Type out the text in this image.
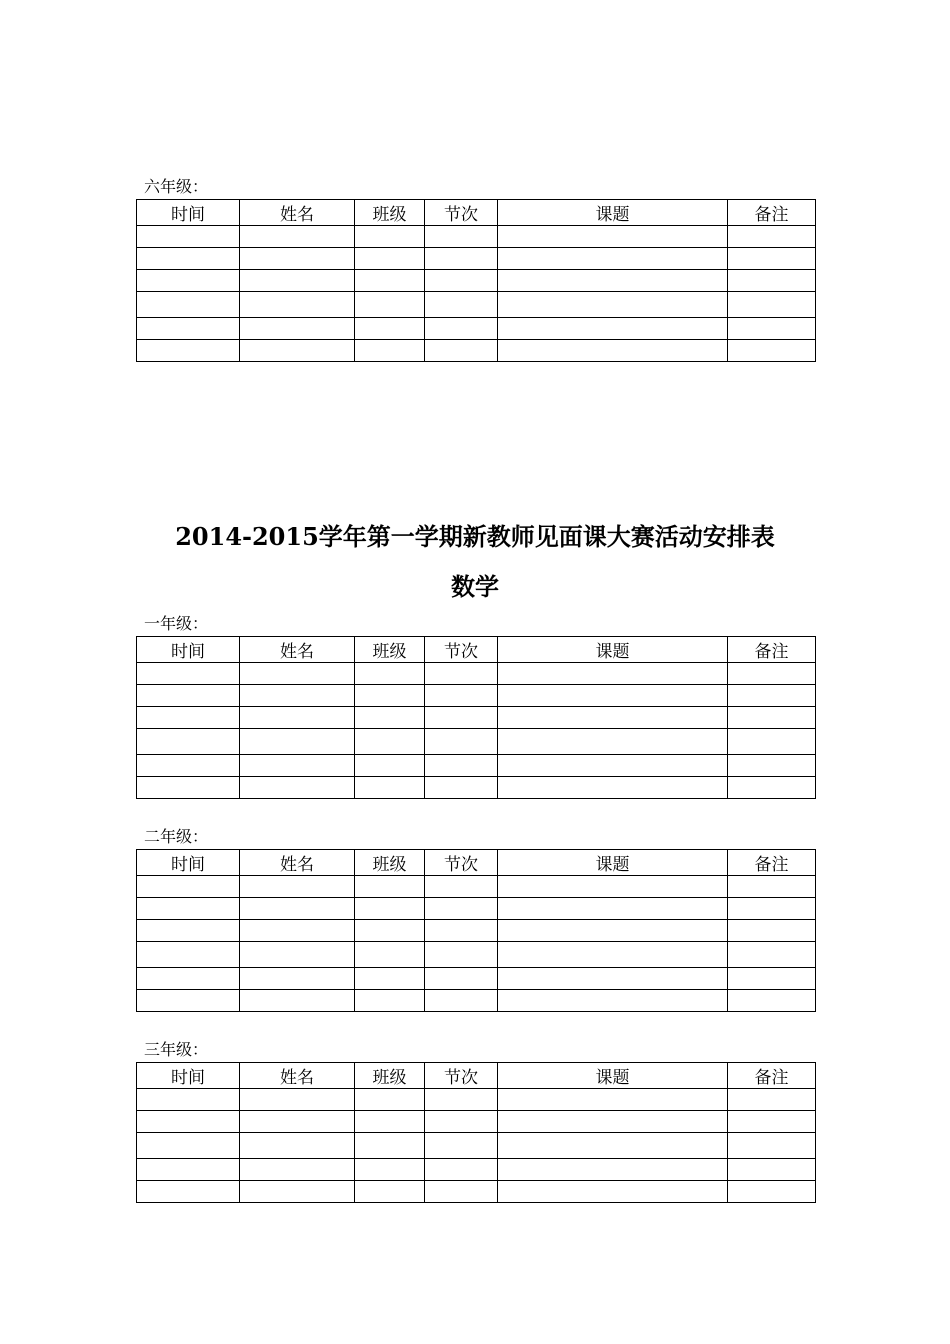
六年级：
时间	姓名	班级	节次	课题	备注

2014-2015学年第一学期新教师见面课大赛活动安排表
数学
一年级：
时间	姓名	班级	节次	课题	备注

二年级：
时间	姓名	班级	节次	课题	备注

三年级：
时间	姓名	班级	节次	课题	备注
